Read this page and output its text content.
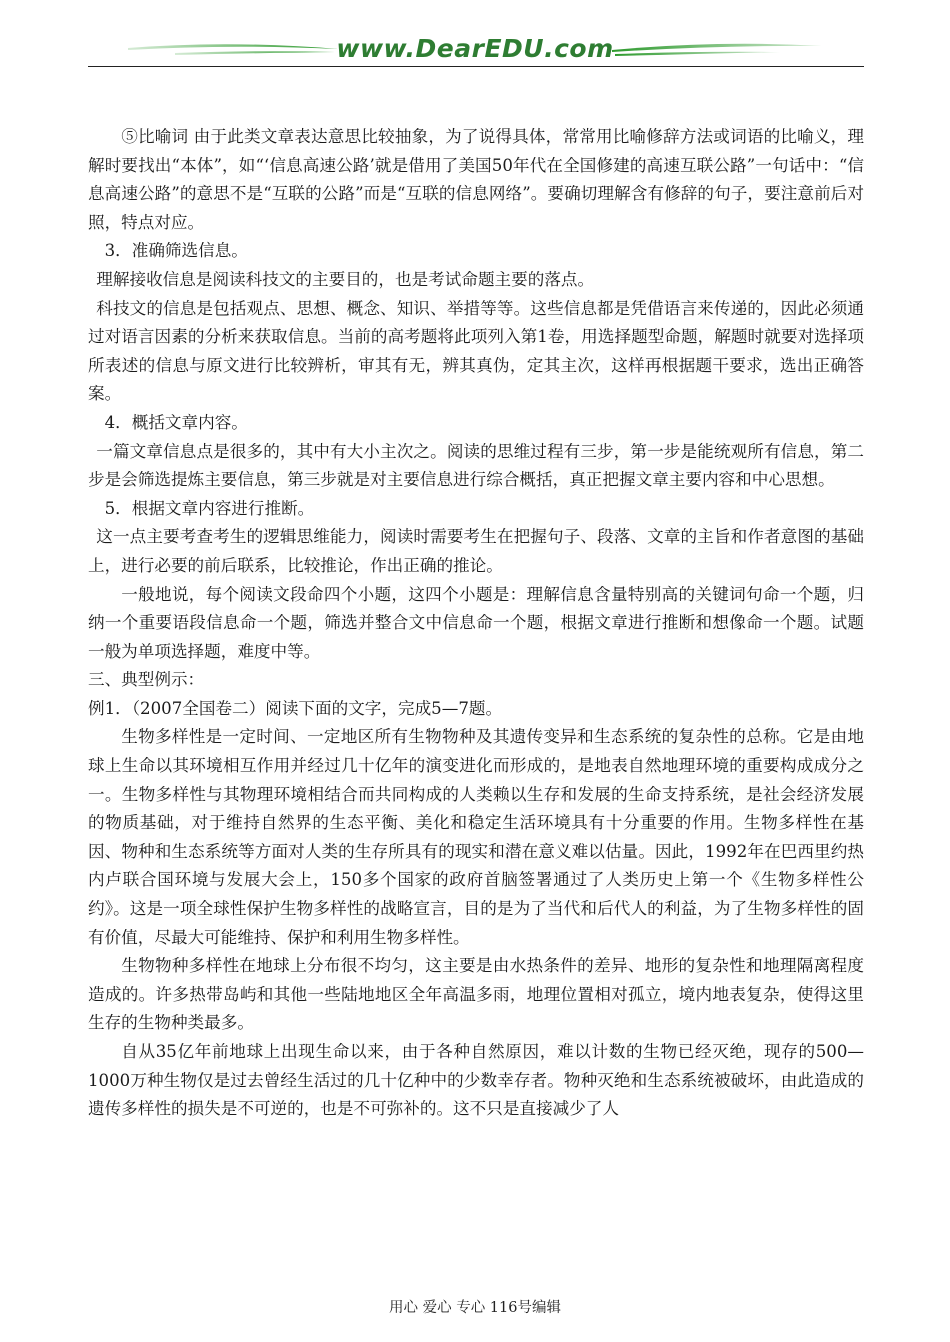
www.DearEDU.com

⑤比喻词 由于此类文章表达意思比较抽象，为了说得具体，常常用比喻修辞方法或词语的比喻义，理解时要找出“本体”，如“‘信息高速公路’就是借用了美国50年代在全国修建的高速互联公路”一句话中：“信息高速公路”的意思不是“互联的公路”而是“互联的信息网络”。要确切理解含有修辞的句子，要注意前后对照，特点对应。

3．准确筛选信息。

理解接收信息是阅读科技文的主要目的，也是考试命题主要的落点。

科技文的信息是包括观点、思想、概念、知识、举措等等。这些信息都是凭借语言来传递的，因此必须通过对语言因素的分析来获取信息。当前的高考题将此项列入第1卷，用选择题型命题，解题时就要对选择项所表述的信息与原文进行比较辨析，审其有无，辨其真伪，定其主次，这样再根据题干要求，选出正确答案。

4．概括文章内容。

一篇文章信息点是很多的，其中有大小主次之。阅读的思维过程有三步，第一步是能统观所有信息，第二步是会筛选提炼主要信息，第三步就是对主要信息进行综合概括，真正把握文章主要内容和中心思想。

5．根据文章内容进行推断。

这一点主要考查考生的逻辑思维能力，阅读时需要考生在把握句子、段落、文章的主旨和作者意图的基础上，进行必要的前后联系，比较推论，作出正确的推论。

一般地说，每个阅读文段命四个小题，这四个小题是：理解信息含量特别高的关键词句命一个题，归纳一个重要语段信息命一个题，筛选并整合文中信息命一个题，根据文章进行推断和想像命一个题。试题一般为单项选择题，难度中等。

三、典型例示：

例1．（2007全国卷二）阅读下面的文字，完成5—7题。

生物多样性是一定时间、一定地区所有生物物种及其遗传变异和生态系统的复杂性的总称。它是由地球上生命以其环境相互作用并经过几十亿年的演变进化而形成的，是地表自然地理环境的重要构成成分之一。生物多样性与其物理环境相结合而共同构成的人类赖以生存和发展的生命支持系统，是社会经济发展的物质基础，对于维持自然界的生态平衡、美化和稳定生活环境具有十分重要的作用。生物多样性在基因、物种和生态系统等方面对人类的生存所具有的现实和潜在意义难以估量。因此，1992年在巴西里约热内卢联合国环境与发展大会上，150多个国家的政府首脑签署通过了人类历史上第一个《生物多样性公约》。这是一项全球性保护生物多样性的战略宣言，目的是为了当代和后代人的利益，为了生物多样性的固有价值，尽最大可能维持、保护和利用生物多样性。

生物物种多样性在地球上分布很不均匀，这主要是由水热条件的差异、地形的复杂性和地理隔离程度造成的。许多热带岛屿和其他一些陆地地区全年高温多雨，地理位置相对孤立，境内地表复杂，使得这里生存的生物种类最多。

自从35亿年前地球上出现生命以来，由于各种自然原因，难以计数的生物已经灭绝，现存的500—1000万种生物仅是过去曾经生活过的几十亿种中的少数幸存者。物种灭绝和生态系统被破坏，由此造成的遗传多样性的损失是不可逆的，也是不可弥补的。这不只是直接减少了人

用心 爱心 专心 116号编辑
